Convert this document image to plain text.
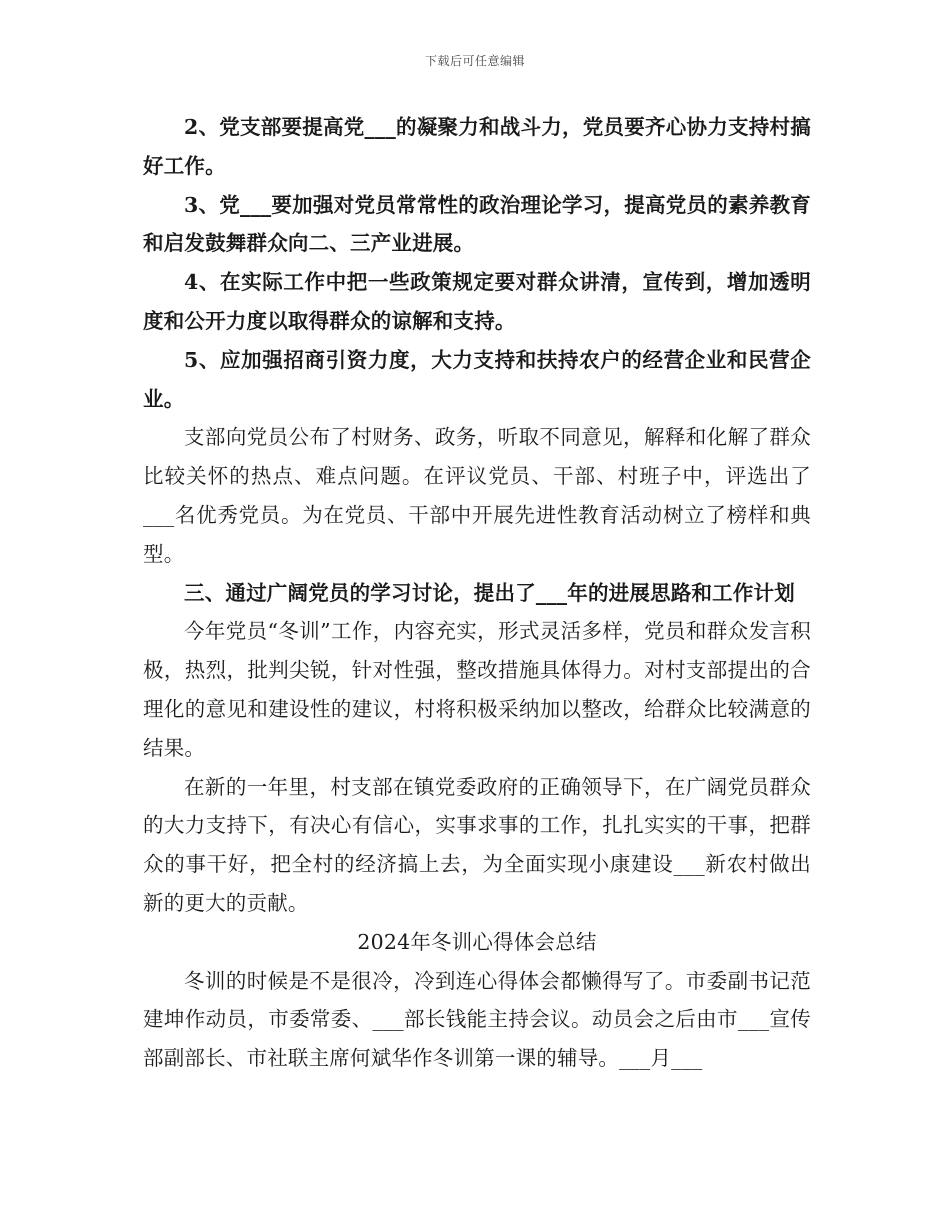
下载后可任意编辑

2、党支部要提高党___的凝聚力和战斗力，党员要齐心协力支持村搞好工作。

3、党___要加强对党员常常性的政治理论学习，提高党员的素养教育和启发鼓舞群众向二、三产业进展。

4、在实际工作中把一些政策规定要对群众讲清，宣传到，增加透明度和公开力度以取得群众的谅解和支持。

5、应加强招商引资力度，大力支持和扶持农户的经营企业和民营企业。

支部向党员公布了村财务、政务，听取不同意见，解释和化解了群众比较关怀的热点、难点问题。在评议党员、干部、村班子中，评选出了___名优秀党员。为在党员、干部中开展先进性教育活动树立了榜样和典型。

三、通过广阔党员的学习讨论，提出了___年的进展思路和工作计划

今年党员“冬训”工作，内容充实，形式灵活多样，党员和群众发言积极，热烈，批判尖锐，针对性强，整改措施具体得力。对村支部提出的合理化的意见和建设性的建议，村将积极采纳加以整改，给群众比较满意的结果。

在新的一年里，村支部在镇党委政府的正确领导下，在广阔党员群众的大力支持下，有决心有信心，实事求事的工作，扎扎实实的干事，把群众的事干好，把全村的经济搞上去，为全面实现小康建设___新农村做出新的更大的贡献。

2024年冬训心得体会总结

冬训的时候是不是很冷，冷到连心得体会都懒得写了。市委副书记范建坤作动员，市委常委、___部长钱能主持会议。动员会之后由市___宣传部副部长、市社联主席何斌华作冬训第一课的辅导。___月___
